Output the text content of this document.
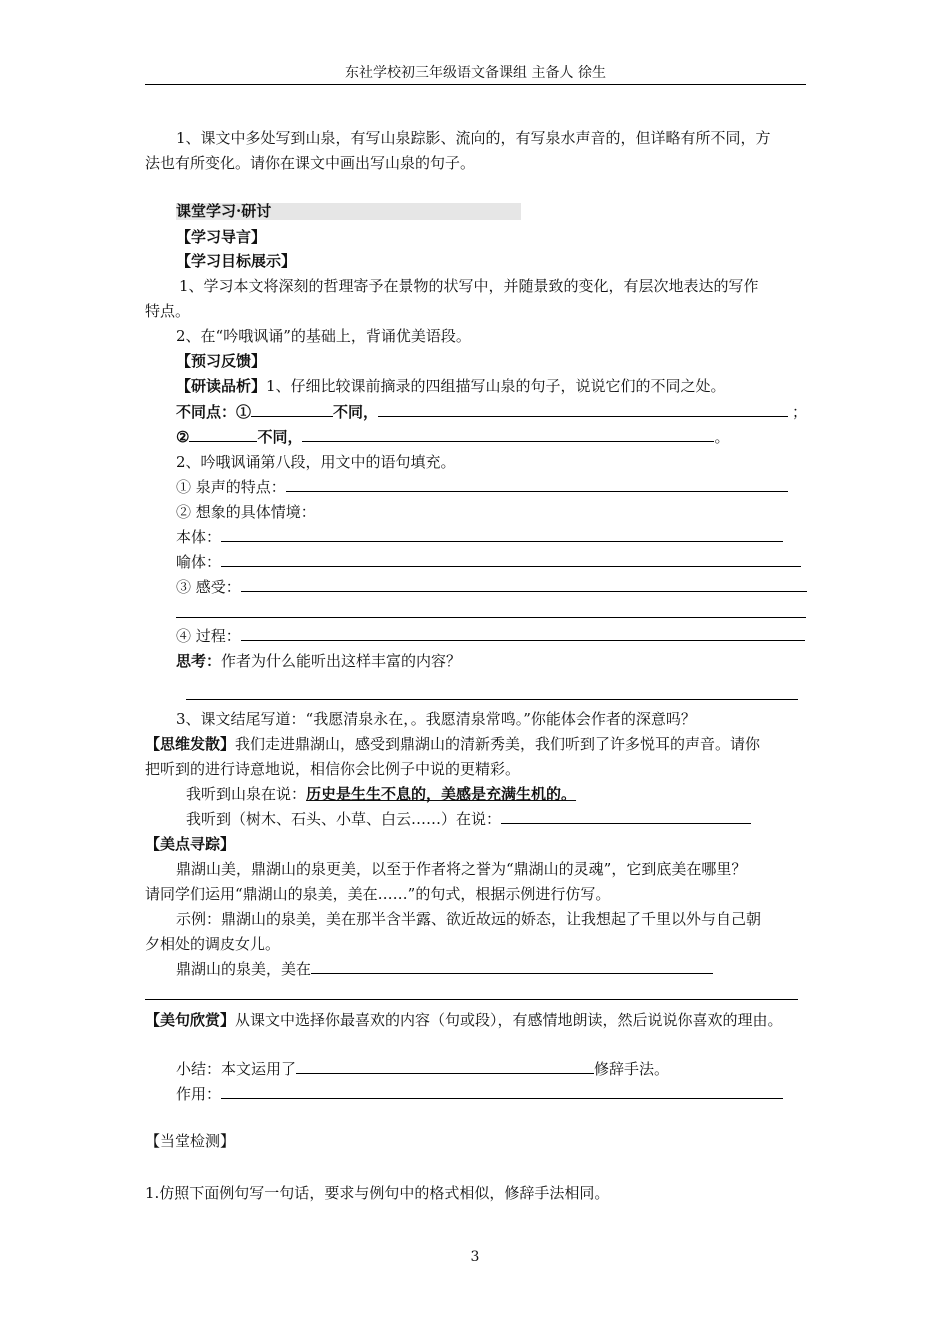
东社学校初三年级语文备课组 主备人 徐生
1、课文中多处写到山泉，有写山泉踪影、流向的，有写泉水声音的，但详略有所不同，方
法也有所变化。请你在课文中画出写山泉的句子。
课堂学习·研讨
【学习导言】
【学习目标展示】
1、学习本文将深刻的哲理寄予在景物的状写中，并随景致的变化，有层次地表达的写作
特点。
2、在“吟哦讽诵”的基础上，背诵优美语段。
【预习反馈】
【研读品析】1、仔细比较课前摘录的四组描写山泉的句子，说说它们的不同之处。
不同点：①	不同，	；
②	不同，	。
2、吟哦讽诵第八段，用文中的语句填充。
① 泉声的特点：
② 想象的具体情境：
本体：
喻体：
③ 感受：
④ 过程：
思考：作者为什么能听出这样丰富的内容？
3、课文结尾写道：“我愿清泉永在，。我愿清泉常鸣。”你能体会作者的深意吗？
【思维发散】我们走进鼎湖山，感受到鼎湖山的清新秀美，我们听到了许多悦耳的声音。请你
把听到的进行诗意地说，相信你会比例子中说的更精彩。
我听到山泉在说：历史是生生不息的，美感是充满生机的。
我听到（树木、石头、小草、白云……）在说：
【美点寻踪】
鼎湖山美，鼎湖山的泉更美，以至于作者将之誉为“鼎湖山的灵魂”，它到底美在哪里？
请同学们运用“鼎湖山的泉美，美在……”的句式，根据示例进行仿写。
示例：鼎湖山的泉美，美在那半含半露、欲近故远的娇态，让我想起了千里以外与自己朝
夕相处的调皮女儿。
鼎湖山的泉美，美在
【美句欣赏】从课文中选择你最喜欢的内容（句或段），有感情地朗读，然后说说你喜欢的理由。
小结：本文运用了	修辞手法。
作用：
【当堂检测】
1.仿照下面例句写一句话，要求与例句中的格式相似，修辞手法相同。
3
